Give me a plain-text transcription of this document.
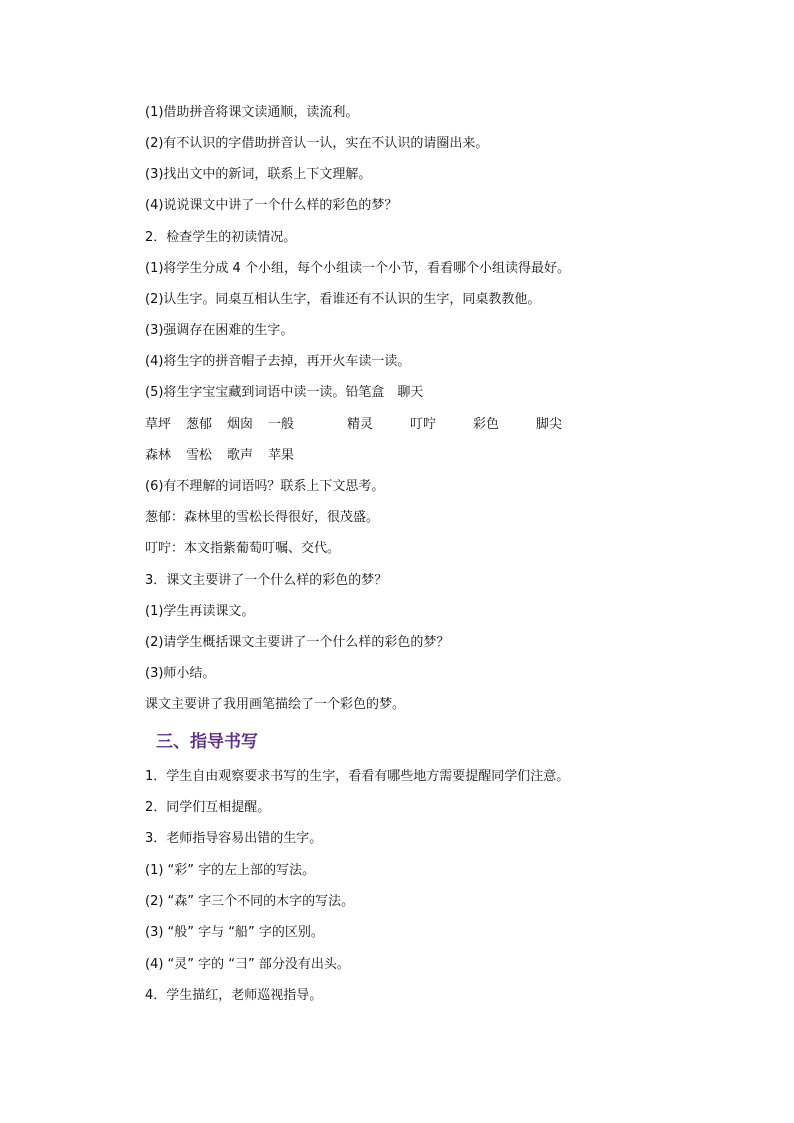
(1)借助拼音将课文读通顺，读流利。
(2)有不认识的字借助拼音认一认，实在不认识的请圈出来。
(3)找出文中的新词，联系上下文理解。
(4)说说课文中讲了一个什么样的彩色的梦？
2．检查学生的初读情况。
(1)将学生分成 4 个小组，每个小组读一个小节，看看哪个小组读得最好。
(2)认生字。同桌互相认生字，看谁还有不认识的生字，同桌教教他。
(3)强调存在困难的生字。
(4)将生字的拼音帽子去掉，再开火车读一读。
(5)将生字宝宝藏到词语中读一读。铅笔盒　聊天
草坪 葱郁 烟囱 一般	精灵	叮咛	彩色	脚尖
森林 雪松 歌声 苹果
(6)有不理解的词语吗？联系上下文思考。
葱郁：森林里的雪松长得很好，很茂盛。
叮咛：本文指紫葡萄叮嘱、交代。
3．课文主要讲了一个什么样的彩色的梦？
(1)学生再读课文。
(2)请学生概括课文主要讲了一个什么样的彩色的梦？
(3)师小结。
课文主要讲了我用画笔描绘了一个彩色的梦。
三、指导书写
1．学生自由观察要求书写的生字，看看有哪些地方需要提醒同学们注意。
2．同学们互相提醒。
3．老师指导容易出错的生字。
(1) “彩” 字的左上部的写法。
(2) “森” 字三个不同的木字的写法。
(3) “般” 字与 “船” 字的区别。
(4) “灵” 字的 “彐” 部分没有出头。
4．学生描红，老师巡视指导。
